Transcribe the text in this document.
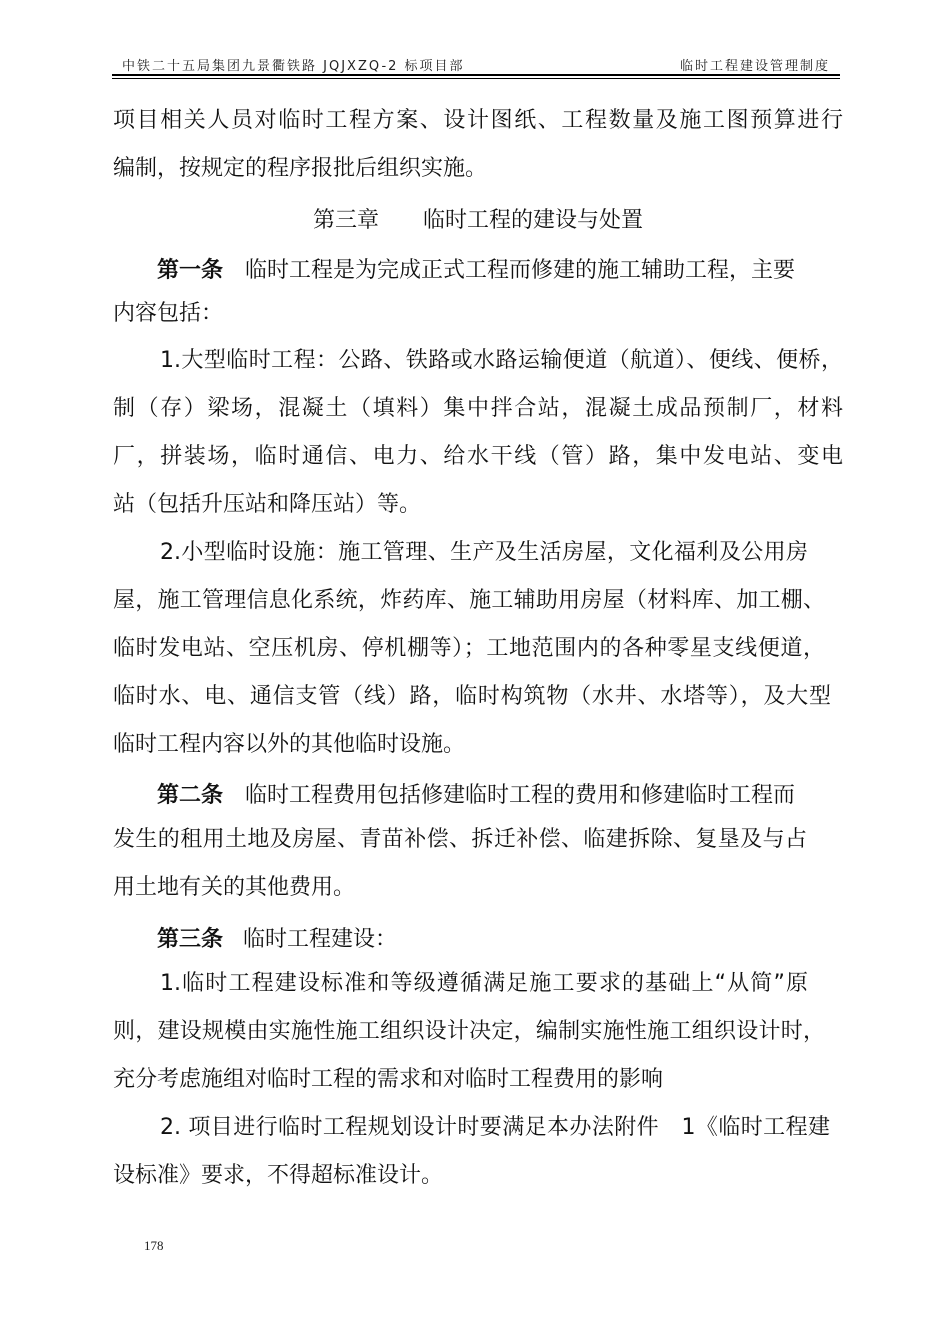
中铁二十五局集团九景衢铁路 JQJXZQ-2 标项目部	临时工程建设管理制度
项目相关人员对临时工程方案、设计图纸、工程数量及施工图预算进行
编制，按规定的程序报批后组织实施。
第三章　　临时工程的建设与处置
第一条 临时工程是为完成正式工程而修建的施工辅助工程，主要
内容包括：
1.大型临时工程：公路、铁路或水路运输便道（航道）、便线、便桥，
制（存）梁场，混凝土（填料）集中拌合站，混凝土成品预制厂，材料
厂，拼装场，临时通信、电力、给水干线（管）路，集中发电站、变电
站（包括升压站和降压站）等。
2.小型临时设施：施工管理、生产及生活房屋，文化福利及公用房
屋，施工管理信息化系统，炸药库、施工辅助用房屋（材料库、加工棚、
临时发电站、空压机房、停机棚等）；工地范围内的各种零星支线便道，
临时水、电、通信支管（线）路，临时构筑物（水井、水塔等），及大型
临时工程内容以外的其他临时设施。
第二条 临时工程费用包括修建临时工程的费用和修建临时工程而
发生的租用土地及房屋、青苗补偿、拆迁补偿、临建拆除、复垦及与占
用土地有关的其他费用。
第三条 临时工程建设：
1.临时工程建设标准和等级遵循满足施工要求的基础上“从简”原
则，建设规模由实施性施工组织设计决定，编制实施性施工组织设计时，
充分考虑施组对临时工程的需求和对临时工程费用的影响
2. 项目进行临时工程规划设计时要满足本办法附件　1《临时工程建
设标准》要求，不得超标准设计。
178
